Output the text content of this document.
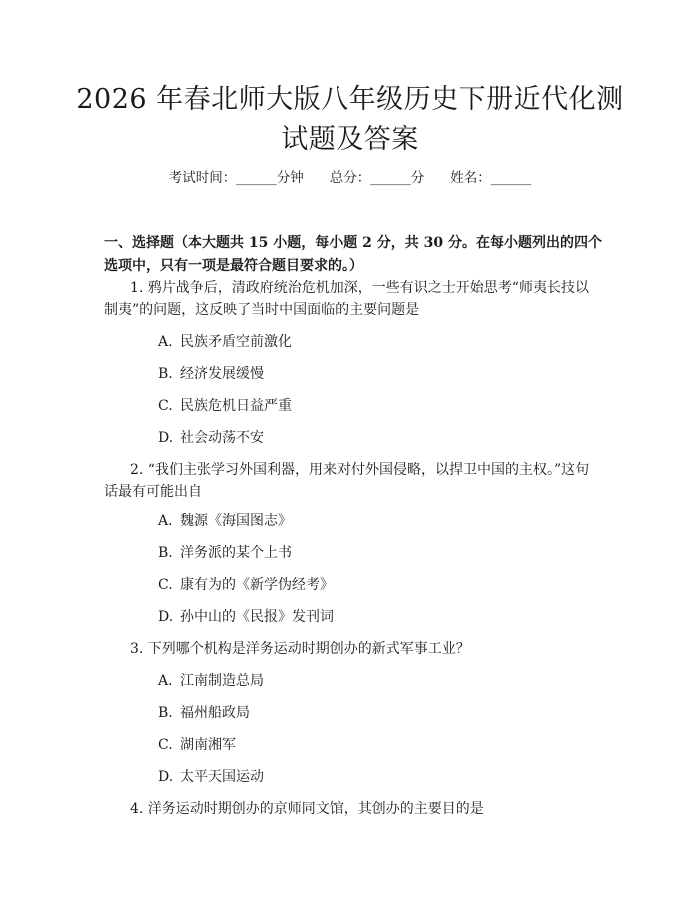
2026 年春北师大版八年级历史下册近代化测
试题及答案
考试时间：______分钟 总分：______分 姓名：______
一、选择题（本大题共 15 小题，每小题 2 分，共 30 分。在每小题列出的四个选项中，只有一项是最符合题目要求的。）
1. 鸦片战争后，清政府统治危机加深，一些有识之士开始思考“师夷长技以制夷”的问题，这反映了当时中国面临的主要问题是
A. 民族矛盾空前激化
B. 经济发展缓慢
C. 民族危机日益严重
D. 社会动荡不安
2. “我们主张学习外国利器，用来对付外国侵略，以捍卫中国的主权。”这句话最有可能出自
A. 魏源《海国图志》
B. 洋务派的某个上书
C. 康有为的《新学伪经考》
D. 孙中山的《民报》发刊词
3. 下列哪个机构是洋务运动时期创办的新式军事工业？
A. 江南制造总局
B. 福州船政局
C. 湖南湘军
D. 太平天国运动
4. 洋务运动时期创办的京师同文馆，其创办的主要目的是
